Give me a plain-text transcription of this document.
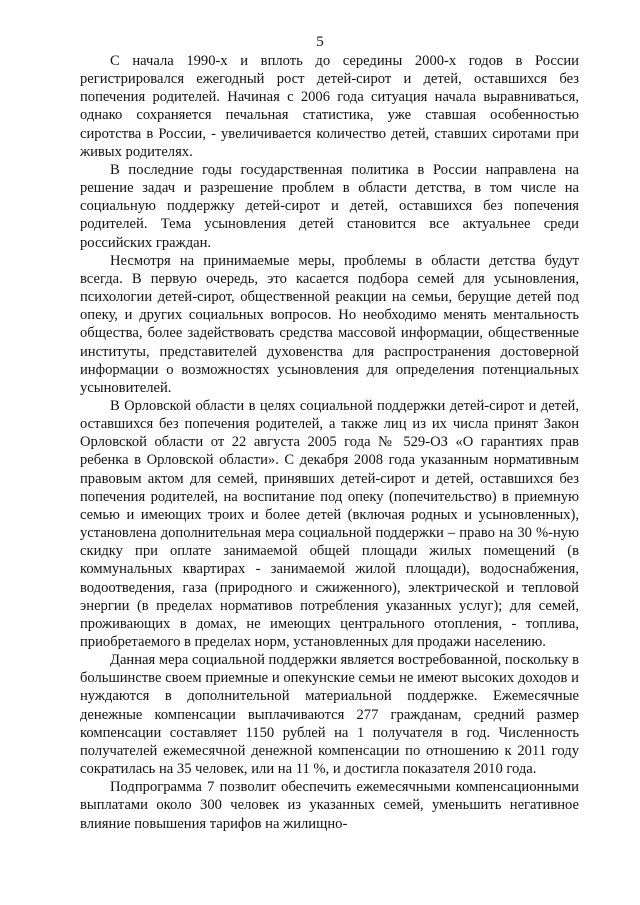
5

С начала 1990-х и вплоть до середины 2000-х годов в России регистрировался ежегодный рост детей-сирот и детей, оставшихся без попечения родителей. Начиная с 2006 года ситуация начала выравниваться, однако сохраняется печальная статистика, уже ставшая особенностью сиротства в России, - увеличивается количество детей, ставших сиротами при живых родителях.

В последние годы государственная политика в России направлена на решение задач и разрешение проблем в области детства, в том числе на социальную поддержку детей-сирот и детей, оставшихся без попечения родителей. Тема усыновления детей становится все актуальнее среди российских граждан.

Несмотря на принимаемые меры, проблемы в области детства будут всегда. В первую очередь, это касается подбора семей для усыновления, психологии детей-сирот, общественной реакции на семьи, берущие детей под опеку, и других социальных вопросов. Но необходимо менять ментальность общества, более задействовать средства массовой информации, общественные институты, представителей духовенства для распространения достоверной информации о возможностях усыновления для определения потенциальных усыновителей.

В Орловской области в целях социальной поддержки детей-сирот и детей, оставшихся без попечения родителей, а также лиц из их числа принят Закон Орловской области от 22 августа 2005 года № 529-ОЗ «О гарантиях прав ребенка в Орловской области». С декабря 2008 года указанным нормативным правовым актом для семей, принявших детей-сирот и детей, оставшихся без попечения родителей, на воспитание под опеку (попечительство) в приемную семью и имеющих троих и более детей (включая родных и усыновленных), установлена дополнительная мера социальной поддержки – право на 30 %-ную скидку при оплате занимаемой общей площади жилых помещений (в коммунальных квартирах - занимаемой жилой площади), водоснабжения, водоотведения, газа (природного и сжиженного), электрической и тепловой энергии (в пределах нормативов потребления указанных услуг); для семей, проживающих в домах, не имеющих центрального отопления, - топлива, приобретаемого в пределах норм, установленных для продажи населению.

Данная мера социальной поддержки является востребованной, поскольку в большинстве своем приемные и опекунские семьи не имеют высоких доходов и нуждаются в дополнительной материальной поддержке. Ежемесячные денежные компенсации выплачиваются 277 гражданам, средний размер компенсации составляет 1150 рублей на 1 получателя в год. Численность получателей ежемесячной денежной компенсации по отношению к 2011 году сократилась на 35 человек, или на 11 %, и достигла показателя 2010 года.

Подпрограмма 7 позволит обеспечить ежемесячными компенсационными выплатами около 300 человек из указанных семей, уменьшить негативное влияние повышения тарифов на жилищно-
